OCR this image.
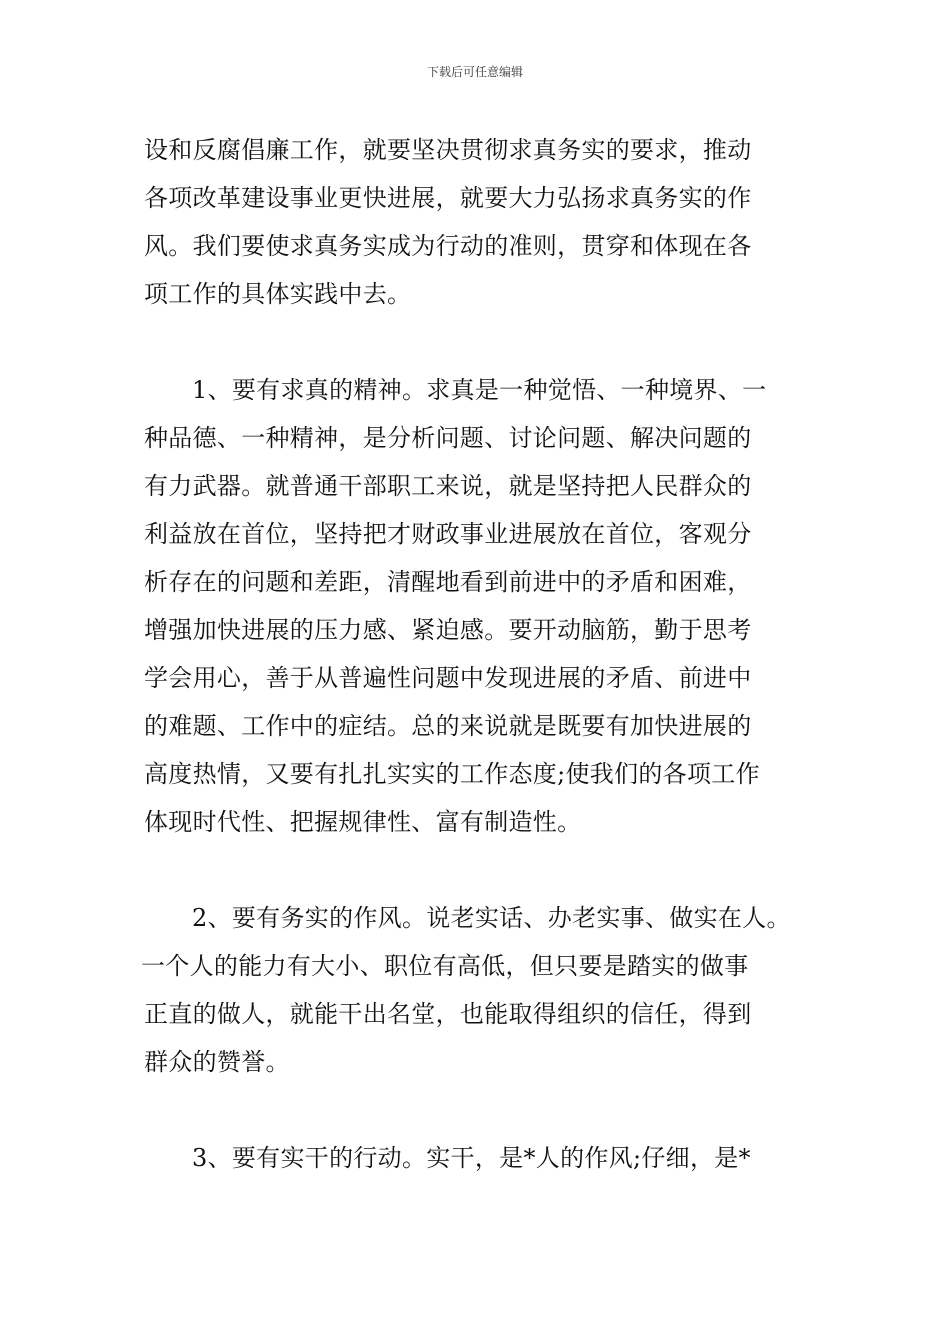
下载后可任意编辑
设和反腐倡廉工作，就要坚决贯彻求真务实的要求，推动
各项改革建设事业更快进展，就要大力弘扬求真务实的作
风。我们要使求真务实成为行动的准则，贯穿和体现在各
项工作的具体实践中去。
1、要有求真的精神。求真是一种觉悟、一种境界、一
种品德、一种精神，是分析问题、讨论问题、解决问题的
有力武器。就普通干部职工来说，就是坚持把人民群众的
利益放在首位，坚持把才财政事业进展放在首位，客观分
析存在的问题和差距，清醒地看到前进中的矛盾和困难，
增强加快进展的压力感、紧迫感。要开动脑筋，勤于思考
学会用心，善于从普遍性问题中发现进展的矛盾、前进中
的难题、工作中的症结。总的来说就是既要有加快进展的
高度热情，又要有扎扎实实的工作态度;使我们的各项工作
体现时代性、把握规律性、富有制造性。
2、要有务实的作风。说老实话、办老实事、做实在人。
一个人的能力有大小、职位有高低，但只要是踏实的做事
正直的做人，就能干出名堂，也能取得组织的信任，得到
群众的赞誉。
3、要有实干的行动。实干，是*人的作风;仔细，是*
